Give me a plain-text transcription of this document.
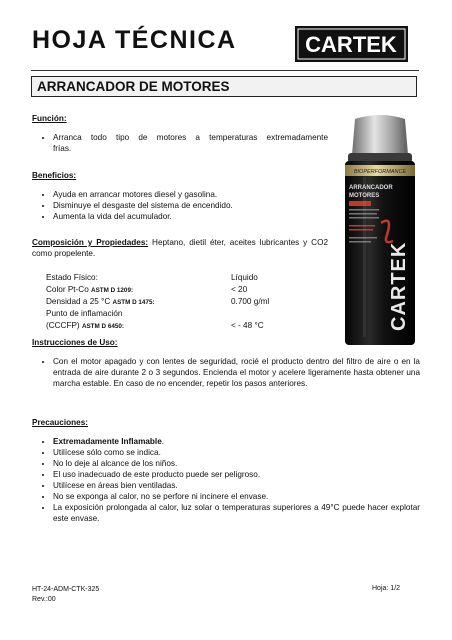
HOJA TÉCNICA	CARTEK
ARRANCADOR DE MOTORES
Función:
• Arranca todo tipo de motores a temperaturas extremadamente frías.
Beneficios:
• Ayuda en arrancar motores diesel y gasolina.
• Disminuye el desgaste del sistema de encendido.
• Aumenta la vida del acumulador.
Composición y Propiedades: Heptano, dietil éter, aceites lubricantes y CO2 como propelente.
Estado Físico:	Líquido
Color Pt-Co ASTM D 1209:	< 20
Densidad a 25 °C ASTM D 1475:	0.700 g/ml
Punto de inflamación
(CCCFP) ASTM D 6450:	< - 48 °C
Instrucciones de Uso:
• Con el motor apagado y con lentes de seguridad, rocié el producto dentro del filtro de aire o en la entrada de aire durante 2 o 3 segundos. Encienda el motor y acelere ligeramente hasta obtener una marcha estable. En caso de no encender, repetir los pasos anteriores.
Precauciones:
• Extremadamente Inflamable.
• Utilícese sólo como se indica.
• No lo deje al alcance de los niños.
• El uso inadecuado de este producto puede ser peligroso.
• Utilícese en áreas bien ventiladas.
• No se exponga al calor, no se perfore ni incinere el envase.
• La exposición prolongada al calor, luz solar o temperaturas superiores a 49°C puede hacer explotar este envase.
BIOPERFORMANCE
ARRANCADOR
MOTORES
CARTEK
HT-24-ADM-CTK-325
Rev.:00
Hoja: 1/2
